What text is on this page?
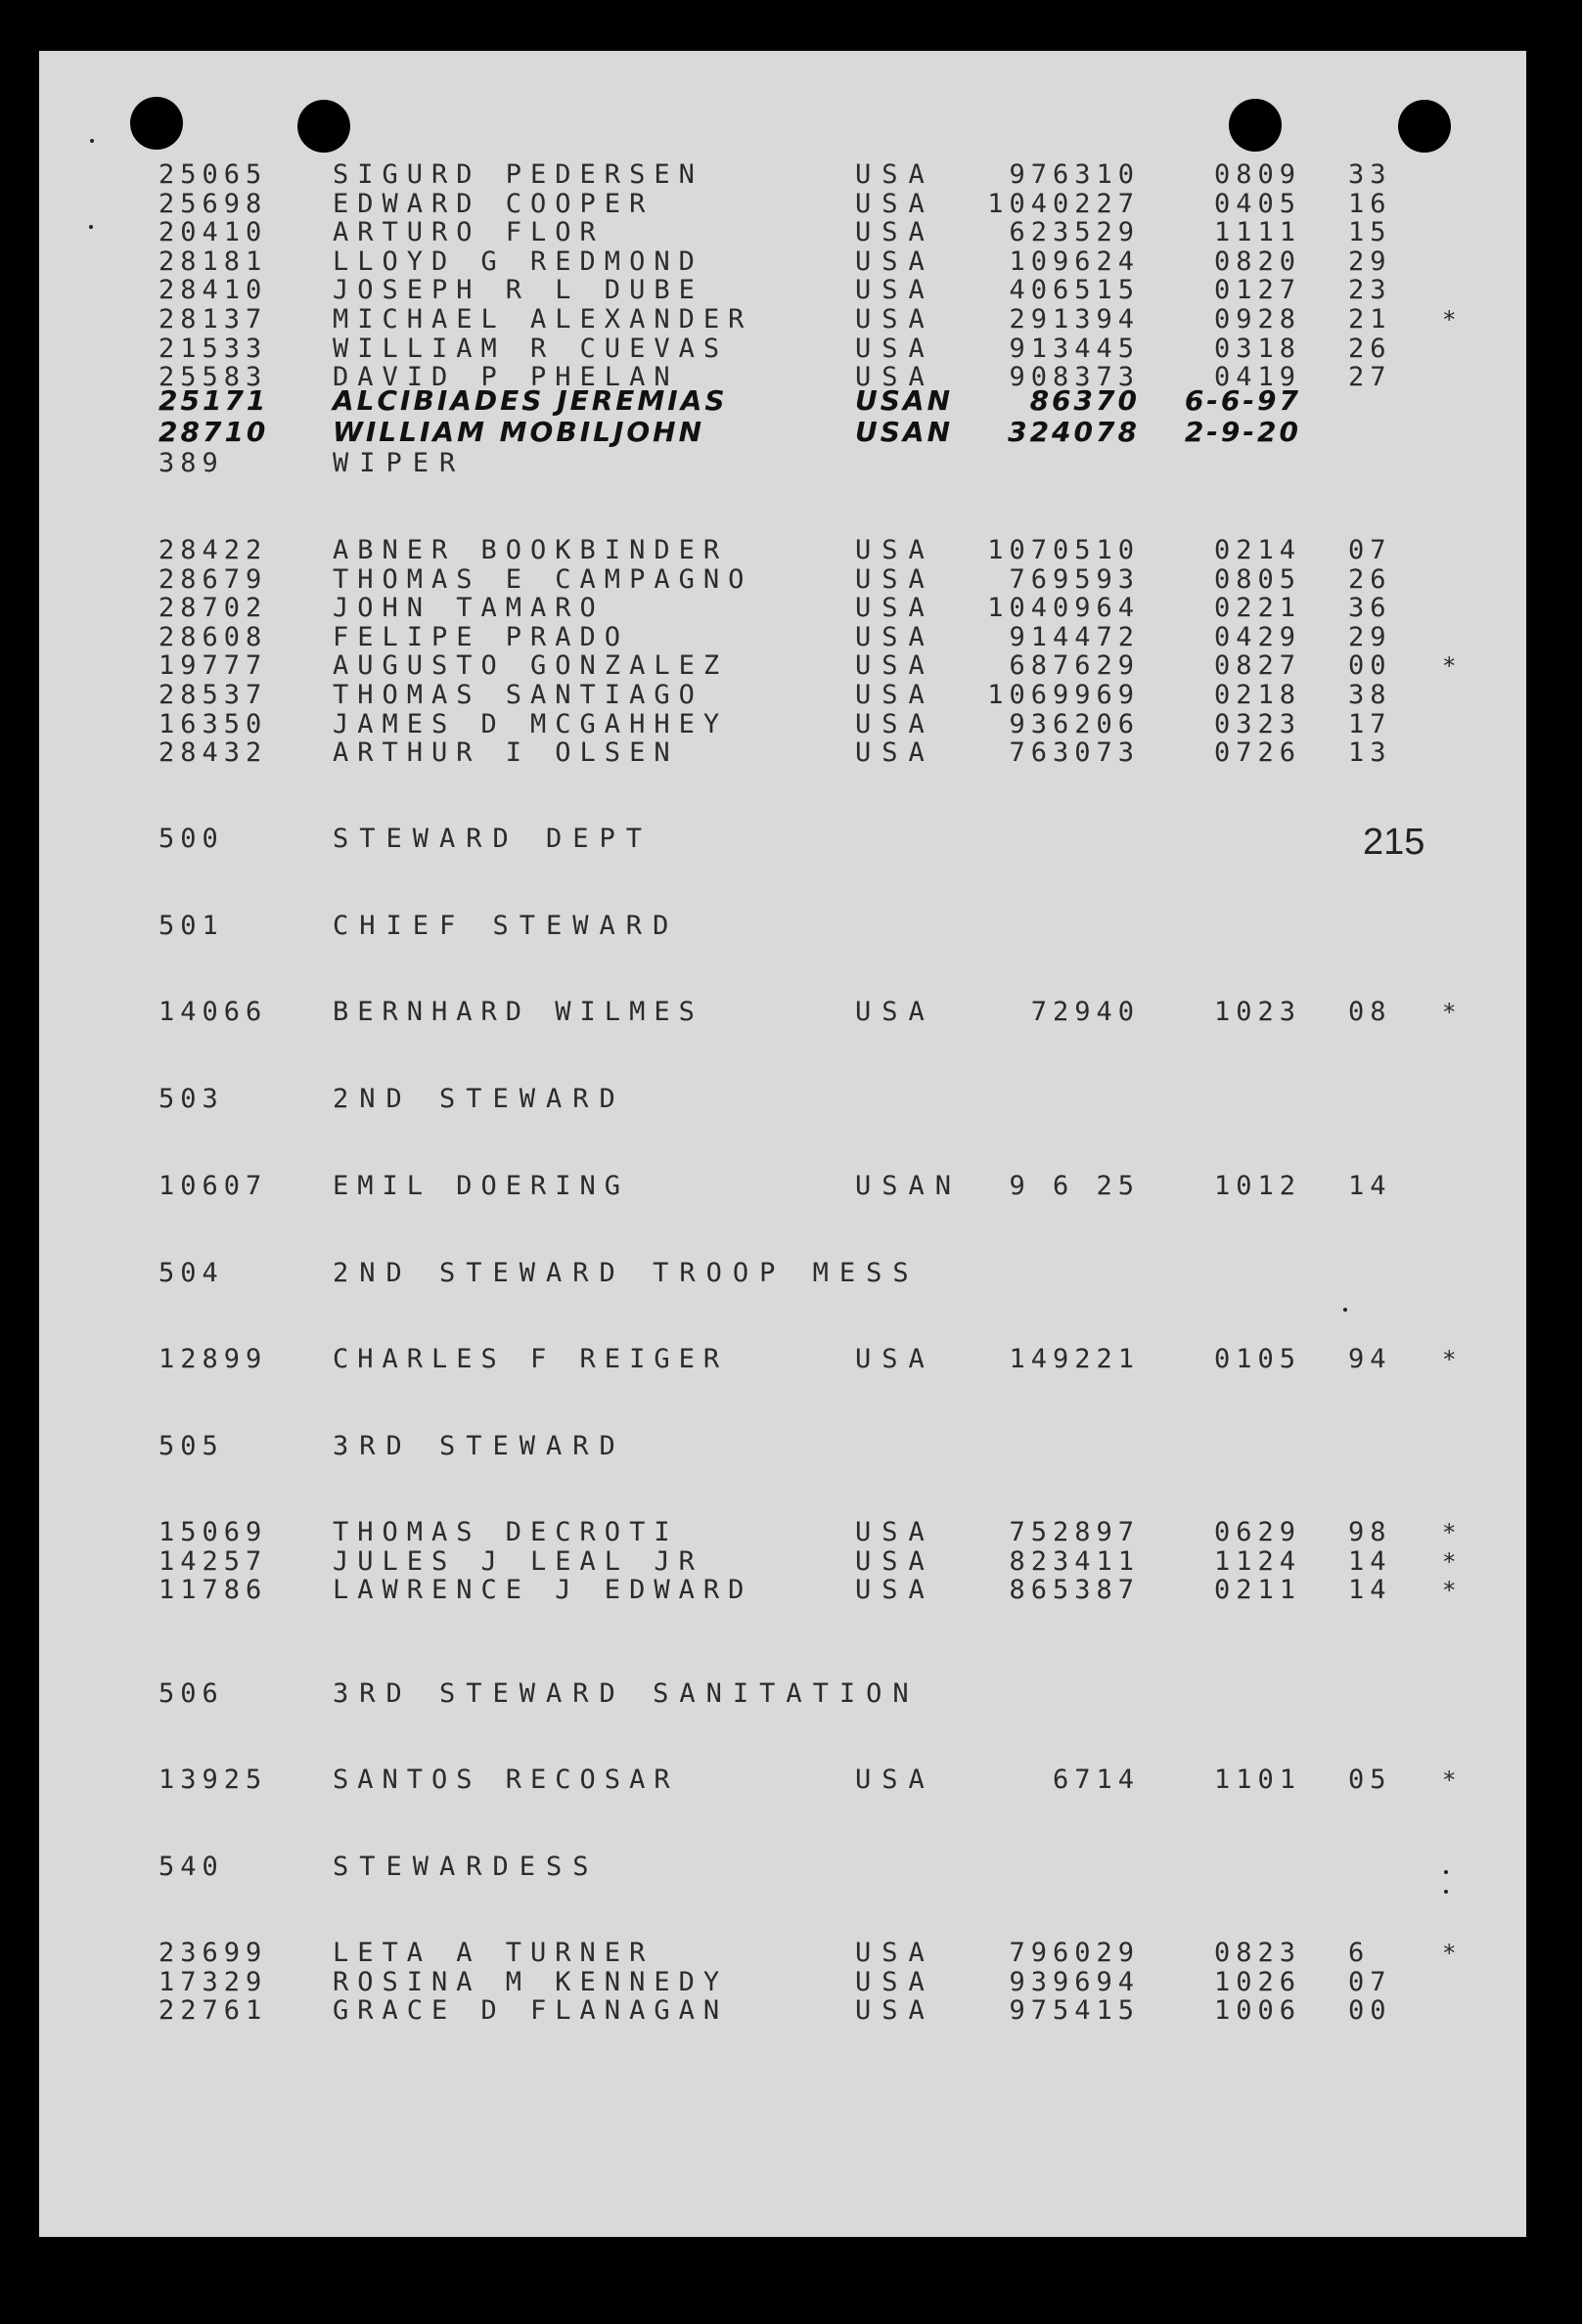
215
25065 SIGURD PEDERSEN	USA	976310	0809 33
25698 EDWARD COOPER	USA 1040227	0405 16
20410 ARTURO FLOR	USA	623529	1111 15
28181 LLOYD G REDMOND	USA	109624	0820 29
28410 JOSEPH R L DUBE	USA	406515	0127 23
28137 MICHAEL ALEXANDER	USA	291394	0928 21 *
21533 WILLIAM R CUEVAS	USA	913445	0318 26
25583 DAVID P PHELAN	USA	908373	0419 27
25171 ALCIBIADES JEREMIAS	USAN	86370 6-6-97
28710 WILLIAM MOBILJOHN	USAN 324078 2-9-20
389	WIPER
28422 ABNER BOOKBINDER	USA 1070510	0214 07
28679 THOMAS E CAMPAGNO	USA	769593	0805 26
28702 JOHN TAMARO	USA 1040964	0221 36
28608 FELIPE PRADO	USA	914472	0429 29
19777 AUGUSTO GONZALEZ	USA	687629	0827 00 *
28537 THOMAS SANTIAGO	USA 1069969	0218 38
16350 JAMES D MCGAHHEY	USA	936206	0323 17
28432 ARTHUR I OLSEN	USA	763073	0726 13
500	STEWARD DEPT
501	CHIEF STEWARD
14066 BERNHARD WILMES	USA	72940	1023 08 *
503	2ND STEWARD
10607 EMIL DOERING	USAN 9 6 25	1012 14
504	2ND STEWARD TROOP MESS
12899 CHARLES F REIGER	USA	149221	0105 94 *
505	3RD STEWARD
15069 THOMAS DECROTI	USA	752897	0629 98 *
14257 JULES J LEAL JR	USA	823411	1124 14 *
11786 LAWRENCE J EDWARD	USA	865387	0211 14 *
506	3RD STEWARD SANITATION
13925 SANTOS RECOSAR	USA	6714	1101 05 *
540	STEWARDESS
23699 LETA A TURNER	USA	796029	0823 6	*
17329 ROSINA M KENNEDY	USA	939694	1026 07
22761 GRACE D FLANAGAN	USA	975415	1006 00
